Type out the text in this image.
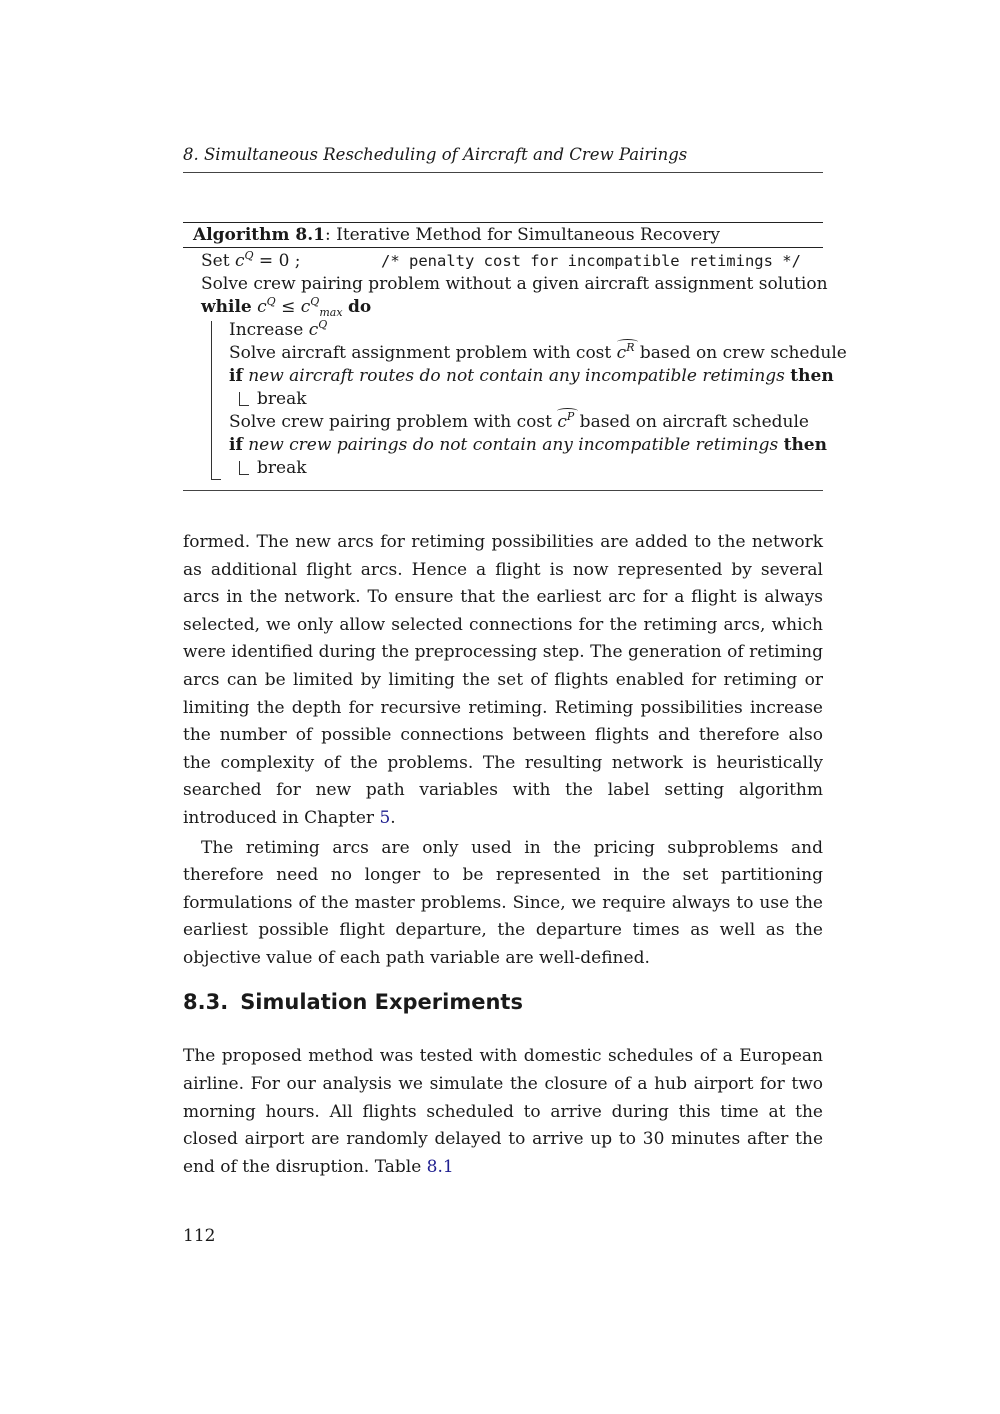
8. Simultaneous Rescheduling of Aircraft and Crew Pairings
Algorithm 8.1: Iterative Method for Simultaneous Recovery
Set $c^Q = 0$ ;	/* penalty cost for incompatible retimings */
Solve crew pairing problem without a given aircraft assignment solution
while $c^Q \le c^Q_{max}$ do
Increase $c^Q$
Solve aircraft assignment problem with cost $c^R$ based on crew schedule
if new aircraft routes do not contain any incompatible retimings then
break
Solve crew pairing problem with cost $c^P$ based on aircraft schedule
if new crew pairings do not contain any incompatible retimings then
break

formed. The new arcs for retiming possibilities are added to the network as additional flight arcs. Hence a flight is now represented by several arcs in the network. To ensure that the earliest arc for a flight is always selected, we only allow selected connections for the retiming arcs, which were identified during the preprocessing step. The generation of retiming arcs can be limited by limiting the set of flights enabled for retiming or limiting the depth for recursive retiming. Retiming possibilities increase the number of possible connections between flights and therefore also the complexity of the problems. The resulting network is heuristically searched for new path variables with the label setting algorithm introduced in Chapter 5.

The retiming arcs are only used in the pricing subproblems and therefore need no longer to be represented in the set partitioning formulations of the master problems. Since, we require always to use the earliest possible flight departure, the departure times as well as the objective value of each path variable are well-defined.

8.3. Simulation Experiments

The proposed method was tested with domestic schedules of a European airline. For our analysis we simulate the closure of a hub airport for two morning hours. All flights scheduled to arrive during this time at the closed airport are randomly delayed to arrive up to 30 minutes after the end of the disruption. Table 8.1

112
